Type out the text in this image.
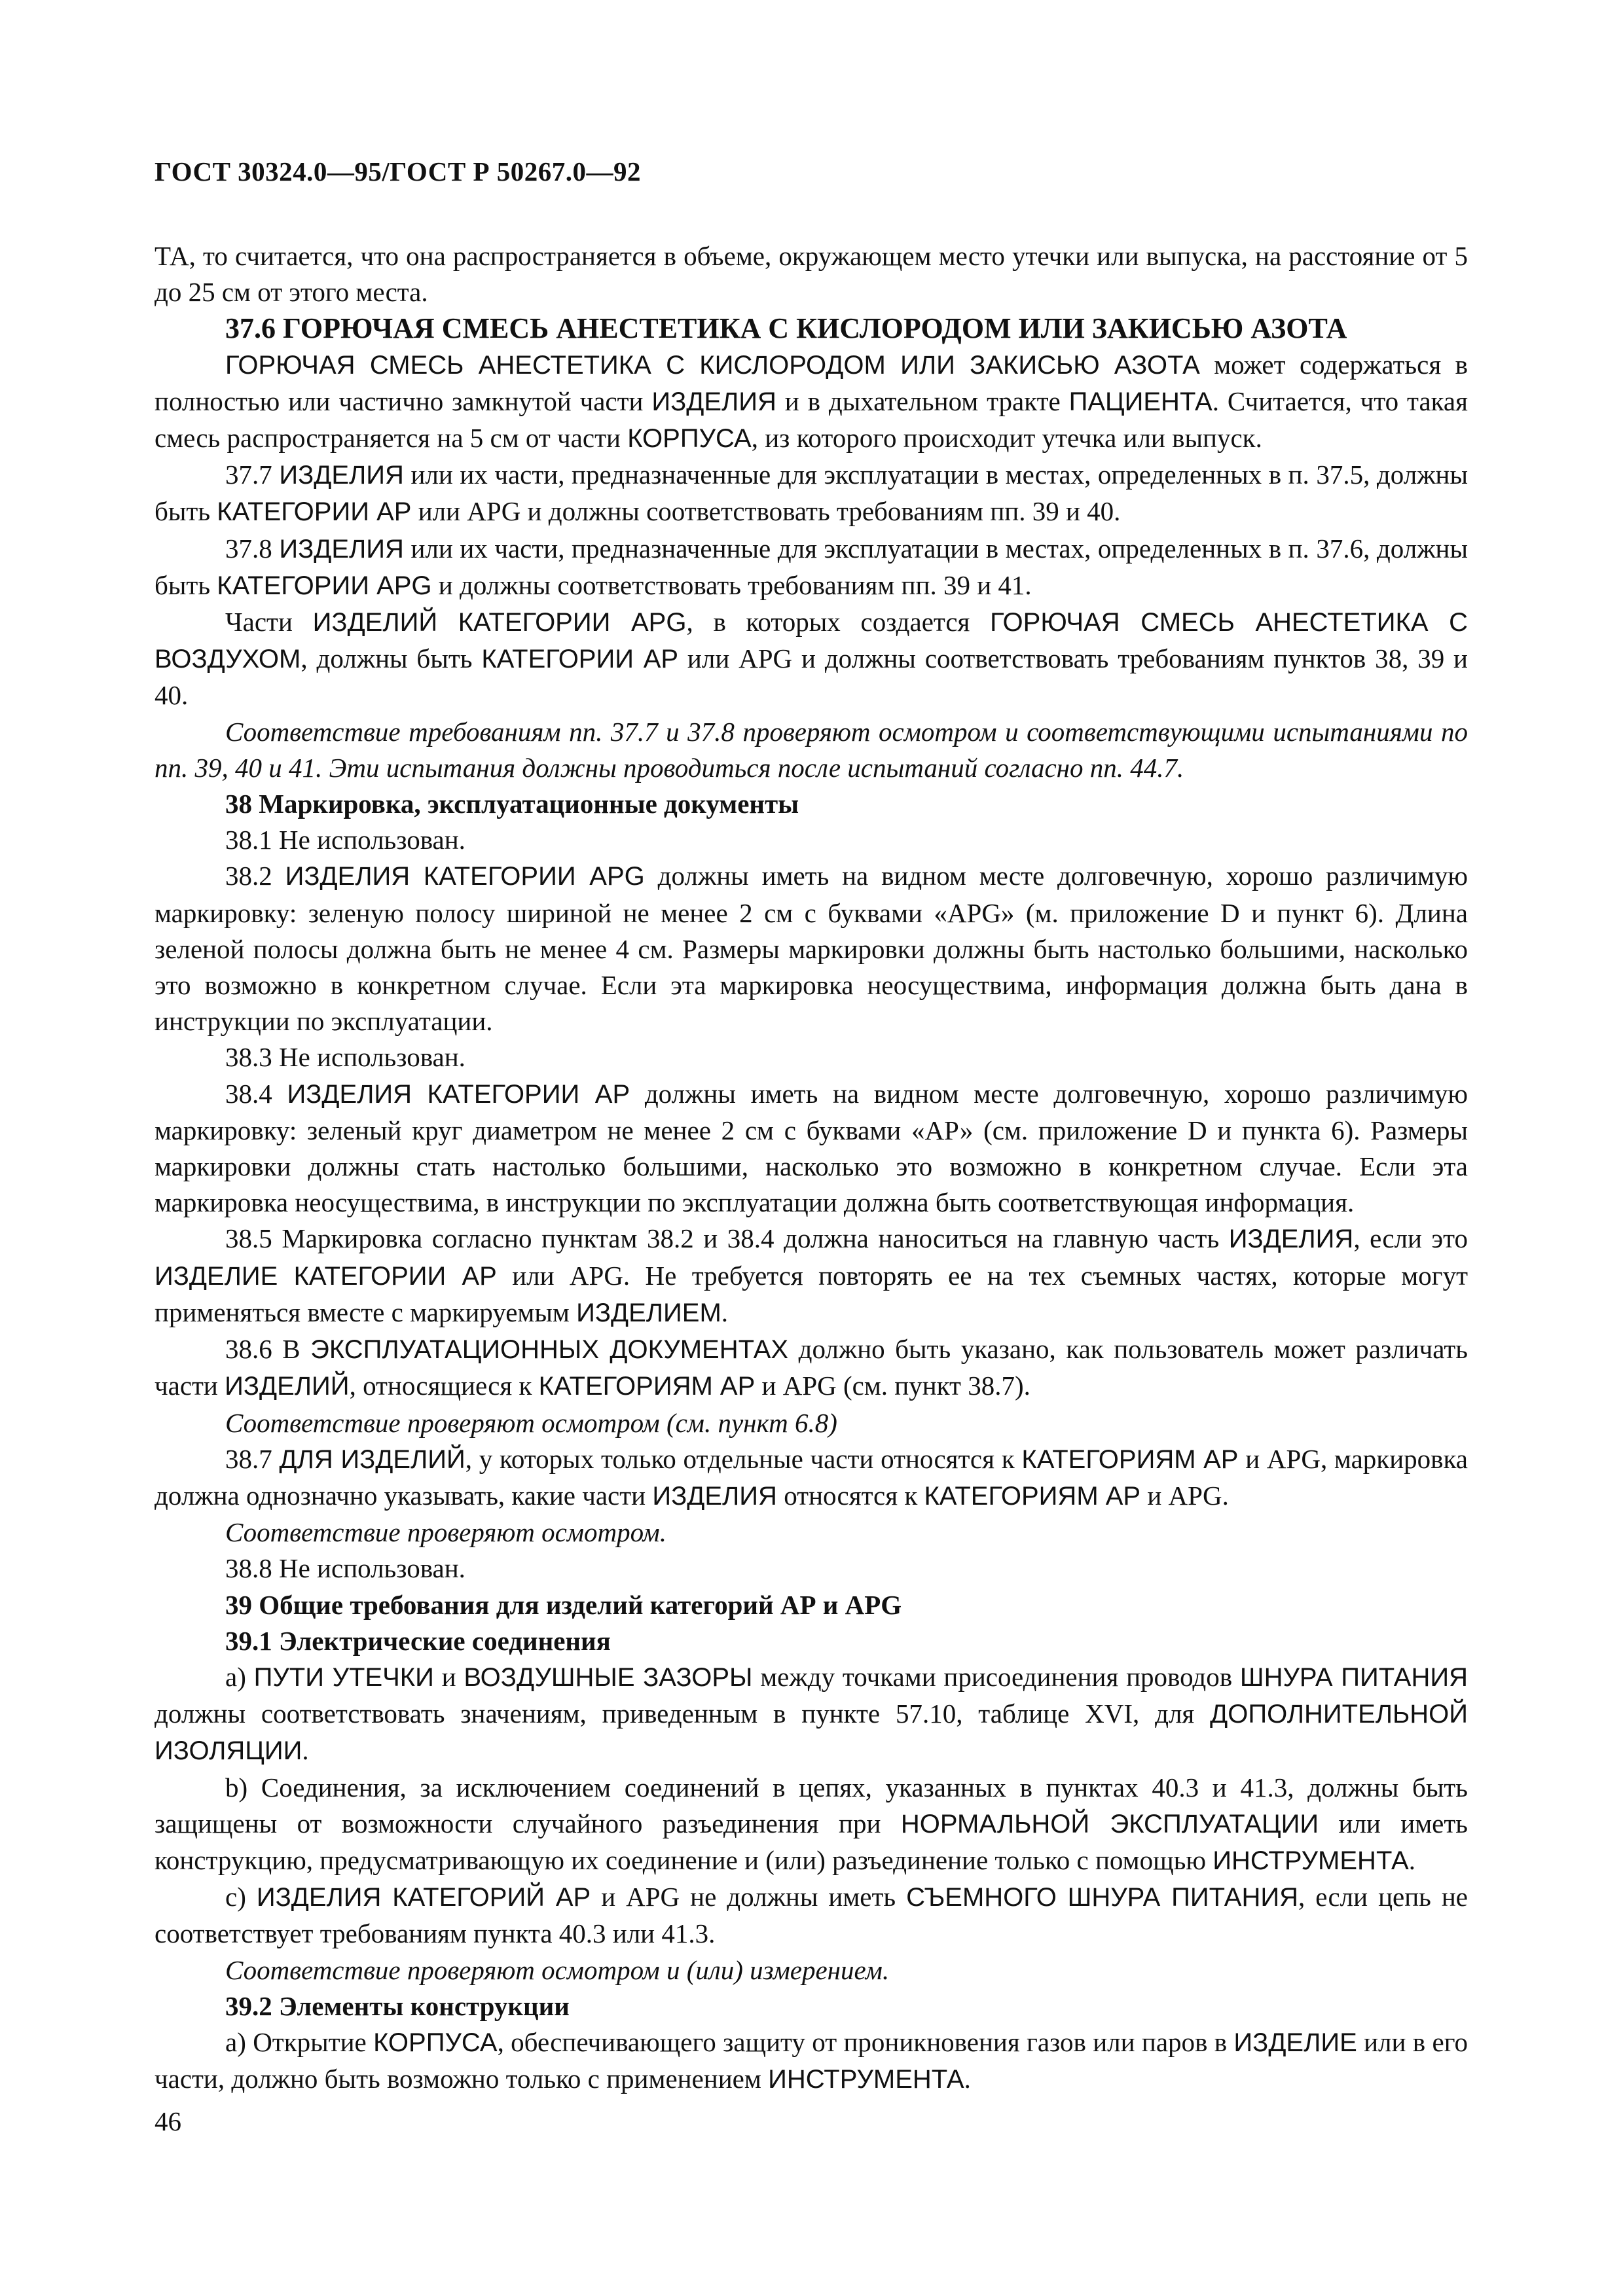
ГОСТ 30324.0—95/ГОСТ Р 50267.0—92

ТА, то считается, что она распространяется в объеме, окружающем место утечки или выпуска, на расстояние от 5 до 25 см от этого места.

37.6 ГОРЮЧАЯ СМЕСЬ АНЕСТЕТИКА С КИСЛОРОДОМ ИЛИ ЗАКИСЬЮ АЗОТА

ГОРЮЧАЯ СМЕСЬ АНЕСТЕТИКА С КИСЛОРОДОМ ИЛИ ЗАКИСЬЮ АЗОТА может содержаться в полностью или частично замкнутой части ИЗДЕЛИЯ и в дыхательном тракте ПАЦИЕНТА. Считается, что такая смесь распространяется на 5 см от части КОРПУСА, из которого происходит утечка или выпуск.

37.7 ИЗДЕЛИЯ или их части, предназначенные для эксплуатации в местах, определенных в п. 37.5, должны быть КАТЕГОРИИ АР или APG и должны соответствовать требованиям пп. 39 и 40.

37.8 ИЗДЕЛИЯ или их части, предназначенные для эксплуатации в местах, определенных в п. 37.6, должны быть КАТЕГОРИИ APG и должны соответствовать требованиям пп. 39 и 41.

Части ИЗДЕЛИЙ КАТЕГОРИИ APG, в которых создается ГОРЮЧАЯ СМЕСЬ АНЕСТЕТИКА С ВОЗДУХОМ, должны быть КАТЕГОРИИ АР или APG и должны соответствовать требованиям пунктов 38, 39 и 40.

Соответствие требованиям пп. 37.7 и 37.8 проверяют осмотром и соответствующими испытаниями по пп. 39, 40 и 41. Эти испытания должны проводиться после испытаний согласно пп. 44.7.

38 Маркировка, эксплуатационные документы

38.1 Не использован.

38.2 ИЗДЕЛИЯ КАТЕГОРИИ APG должны иметь на видном месте долговечную, хорошо различимую маркировку: зеленую полосу шириной не менее 2 см с буквами «APG» (м. приложение D и пункт 6). Длина зеленой полосы должна быть не менее 4 см. Размеры маркировки должны быть настолько большими, насколько это возможно в конкретном случае. Если эта маркировка неосуществима, информация должна быть дана в инструкции по эксплуатации.

38.3 Не использован.

38.4 ИЗДЕЛИЯ КАТЕГОРИИ АР должны иметь на видном месте долговечную, хорошо различимую маркировку: зеленый круг диаметром не менее 2 см с буквами «АР» (см. приложение D и пункта 6). Размеры маркировки должны стать настолько большими, насколько это возможно в конкретном случае. Если эта маркировка неосуществима, в инструкции по эксплуатации должна быть соответствующая информация.

38.5 Маркировка согласно пунктам 38.2 и 38.4 должна наноситься на главную часть ИЗДЕЛИЯ, если это ИЗДЕЛИЕ КАТЕГОРИИ АР или APG. Не требуется повторять ее на тех съемных частях, которые могут применяться вместе с маркируемым ИЗДЕЛИЕМ.

38.6 В ЭКСПЛУАТАЦИОННЫХ ДОКУМЕНТАХ должно быть указано, как пользователь может различать части ИЗДЕЛИЙ, относящиеся к КАТЕГОРИЯМ АР и APG (см. пункт 38.7).

Соответствие проверяют осмотром (см. пункт 6.8)

38.7 ДЛЯ ИЗДЕЛИЙ, у которых только отдельные части относятся к КАТЕГОРИЯМ АР и APG, маркировка должна однозначно указывать, какие части ИЗДЕЛИЯ относятся к КАТЕГОРИЯМ АР и APG.

Соответствие проверяют осмотром.

38.8 Не использован.

39 Общие требования для изделий категорий АР и APG

39.1 Электрические соединения

a) ПУТИ УТЕЧКИ и ВОЗДУШНЫЕ ЗАЗОРЫ между точками присоединения проводов ШНУРА ПИТАНИЯ должны соответствовать значениям, приведенным в пункте 57.10, таблице XVI, для ДОПОЛНИТЕЛЬНОЙ ИЗОЛЯЦИИ.

b) Соединения, за исключением соединений в цепях, указанных в пунктах 40.3 и 41.3, должны быть защищены от возможности случайного разъединения при НОРМАЛЬНОЙ ЭКСПЛУАТАЦИИ или иметь конструкцию, предусматривающую их соединение и (или) разъединение только с помощью ИНСТРУМЕНТА.

c) ИЗДЕЛИЯ КАТЕГОРИЙ АР и APG не должны иметь СЪЕМНОГО ШНУРА ПИТАНИЯ, если цепь не соответствует требованиям пункта 40.3 или 41.3.

Соответствие проверяют осмотром и (или) измерением.

39.2 Элементы конструкции

a) Открытие КОРПУСА, обеспечивающего защиту от проникновения газов или паров в ИЗДЕЛИЕ или в его части, должно быть возможно только с применением ИНСТРУМЕНТА.

46
